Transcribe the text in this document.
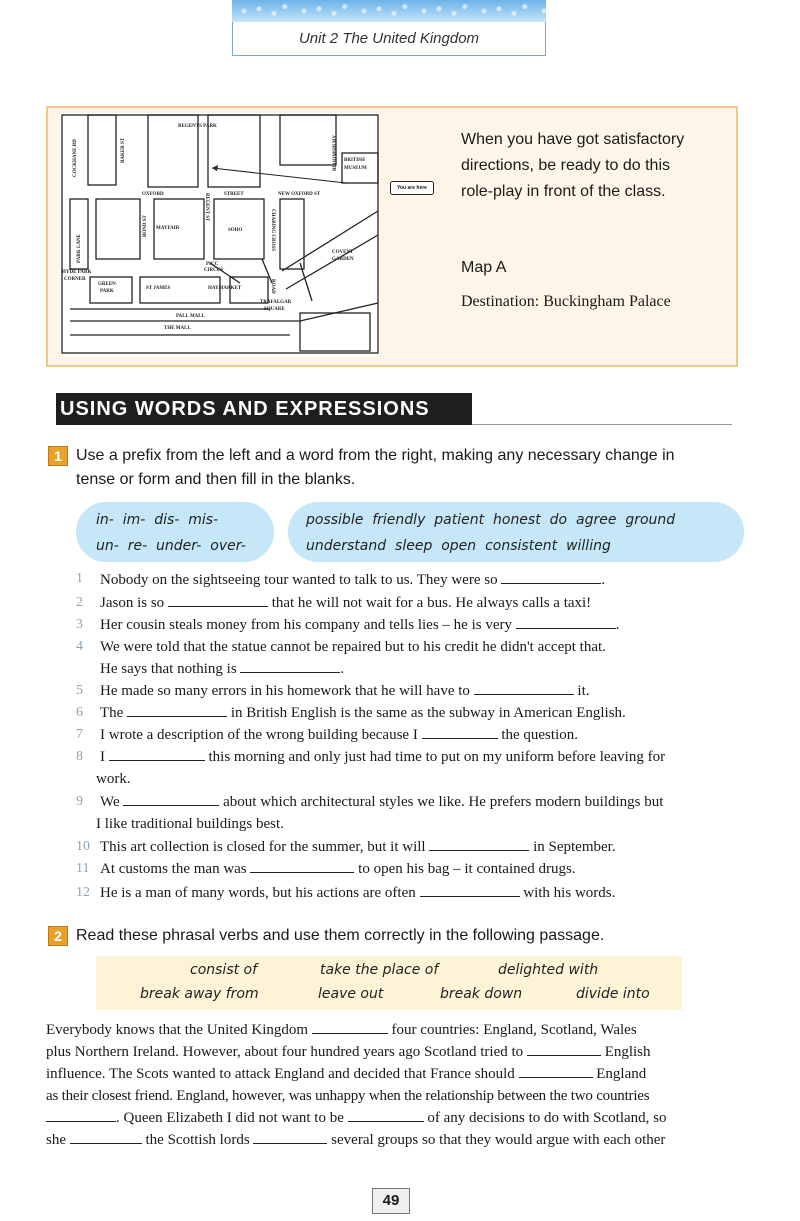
Unit 2 The United Kingdom
REGENTS PARK
COCKHANE RD	BAKER ST	BLOOMSBURY BRITISH
MUSEUM
OXFORD	STREET	NEW OXFORD ST
REGENT ST
PARK LANE
BOND ST MAYFAIR	SOHO	CHARING CROSS
ROAD
COVENT
GARDEN
PICC
CIRCUS
HYDE PARK
CORNER
GREEN
PARK
ST JAMES	HAYMARKET
PALL MALL
TRAFALGAR
SQUARE
THE MALL
You are here
When you have got satisfactory
directions, be ready to do this
role-play in front of the class.
Map A
Destination: Buckingham Palace
USING WORDS AND EXPRESSIONS
1 Use a prefix from the left and a word from the right, making any necessary change in
tense or form and then fill in the blanks.
in- im- dis- mis-
un- re- under- over-
possible friendly patient honest do agree ground
understand sleep open consistent willing
1	Nobody on the sightseeing tour wanted to talk to us. They were so	.
2	Jason is so	that he will not wait for a bus. He always calls a taxi!
3	Her cousin steals money from his company and tells lies – he is very	.
4	We were told that the statue cannot be repaired but to his credit he didn't accept that.
He says that nothing is	.
5	He made so many errors in his homework that he will have to	it.
6	The	in British English is the same as the subway in American English.
7	I wrote a description of the wrong building because I	the question.
8	I	this morning and only just had time to put on my uniform before leaving for
work.
9	We	about which architectural styles we like. He prefers modern buildings but
I like traditional buildings best.
10 This art collection is closed for the summer, but it will	in September.
11 At customs the man was	to open his bag – it contained drugs.
12 He is a man of many words, but his actions are often	with his words.
2 Read these phrasal verbs and use them correctly in the following passage.
consist of	take the place of	delighted with
break away from	leave out	break down	divide into
Everybody knows that the United Kingdom	four countries: England, Scotland, Wales
plus Northern Ireland. However, about four hundred years ago Scotland tried to	English
influence. The Scots wanted to attack England and decided that France should	England
as their closest friend. England, however, was unhappy when the relationship between the two countries
. Queen Elizabeth I did not want to be	of any decisions to do with Scotland, so
she	the Scottish lords	several groups so that they would argue with each other
49
